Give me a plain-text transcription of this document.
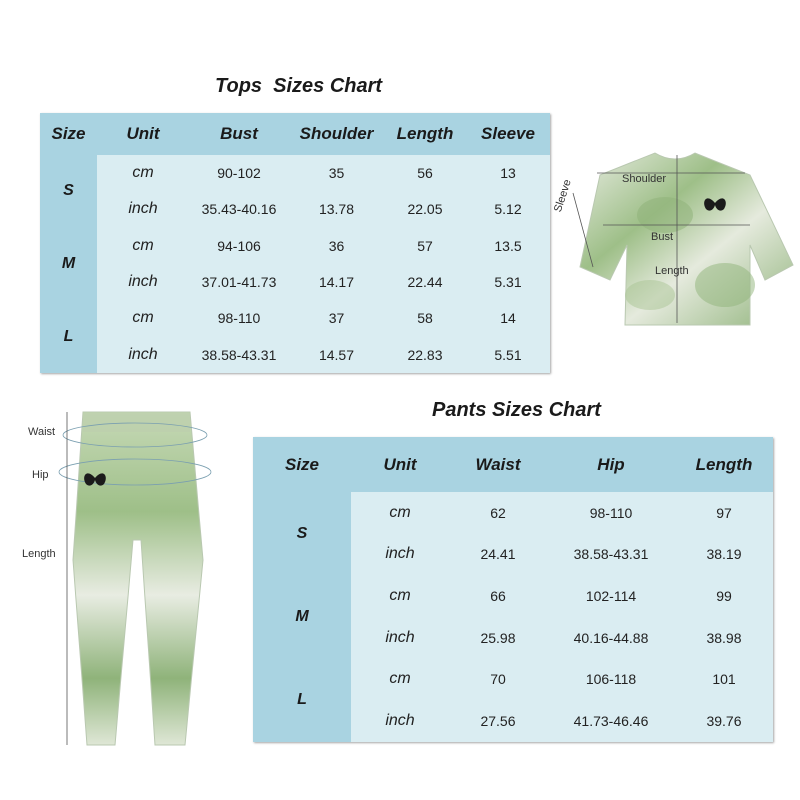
Tops  Sizes Chart
Size	Unit	Bust	Shoulder	Length	Sleeve
S	cm	90-102	35	56	13
	inch	35.43-40.16	13.78	22.05	5.12
M	cm	94-106	36	57	13.5
	inch	37.01-41.73	14.17	22.44	5.31
L	cm	98-110	37	58	14
	inch	38.58-43.31	14.57	22.83	5.51
Shoulder
Bust
Length
Sleeve
Waist
Hip
Length
Pants Sizes Chart
Size	Unit	Waist	Hip	Length
S	cm	62	98-110	97
	inch	24.41	38.58-43.31	38.19
M	cm	66	102-114	99
	inch	25.98	40.16-44.88	38.98
L	cm	70	106-118	101
	inch	27.56	41.73-46.46	39.76
